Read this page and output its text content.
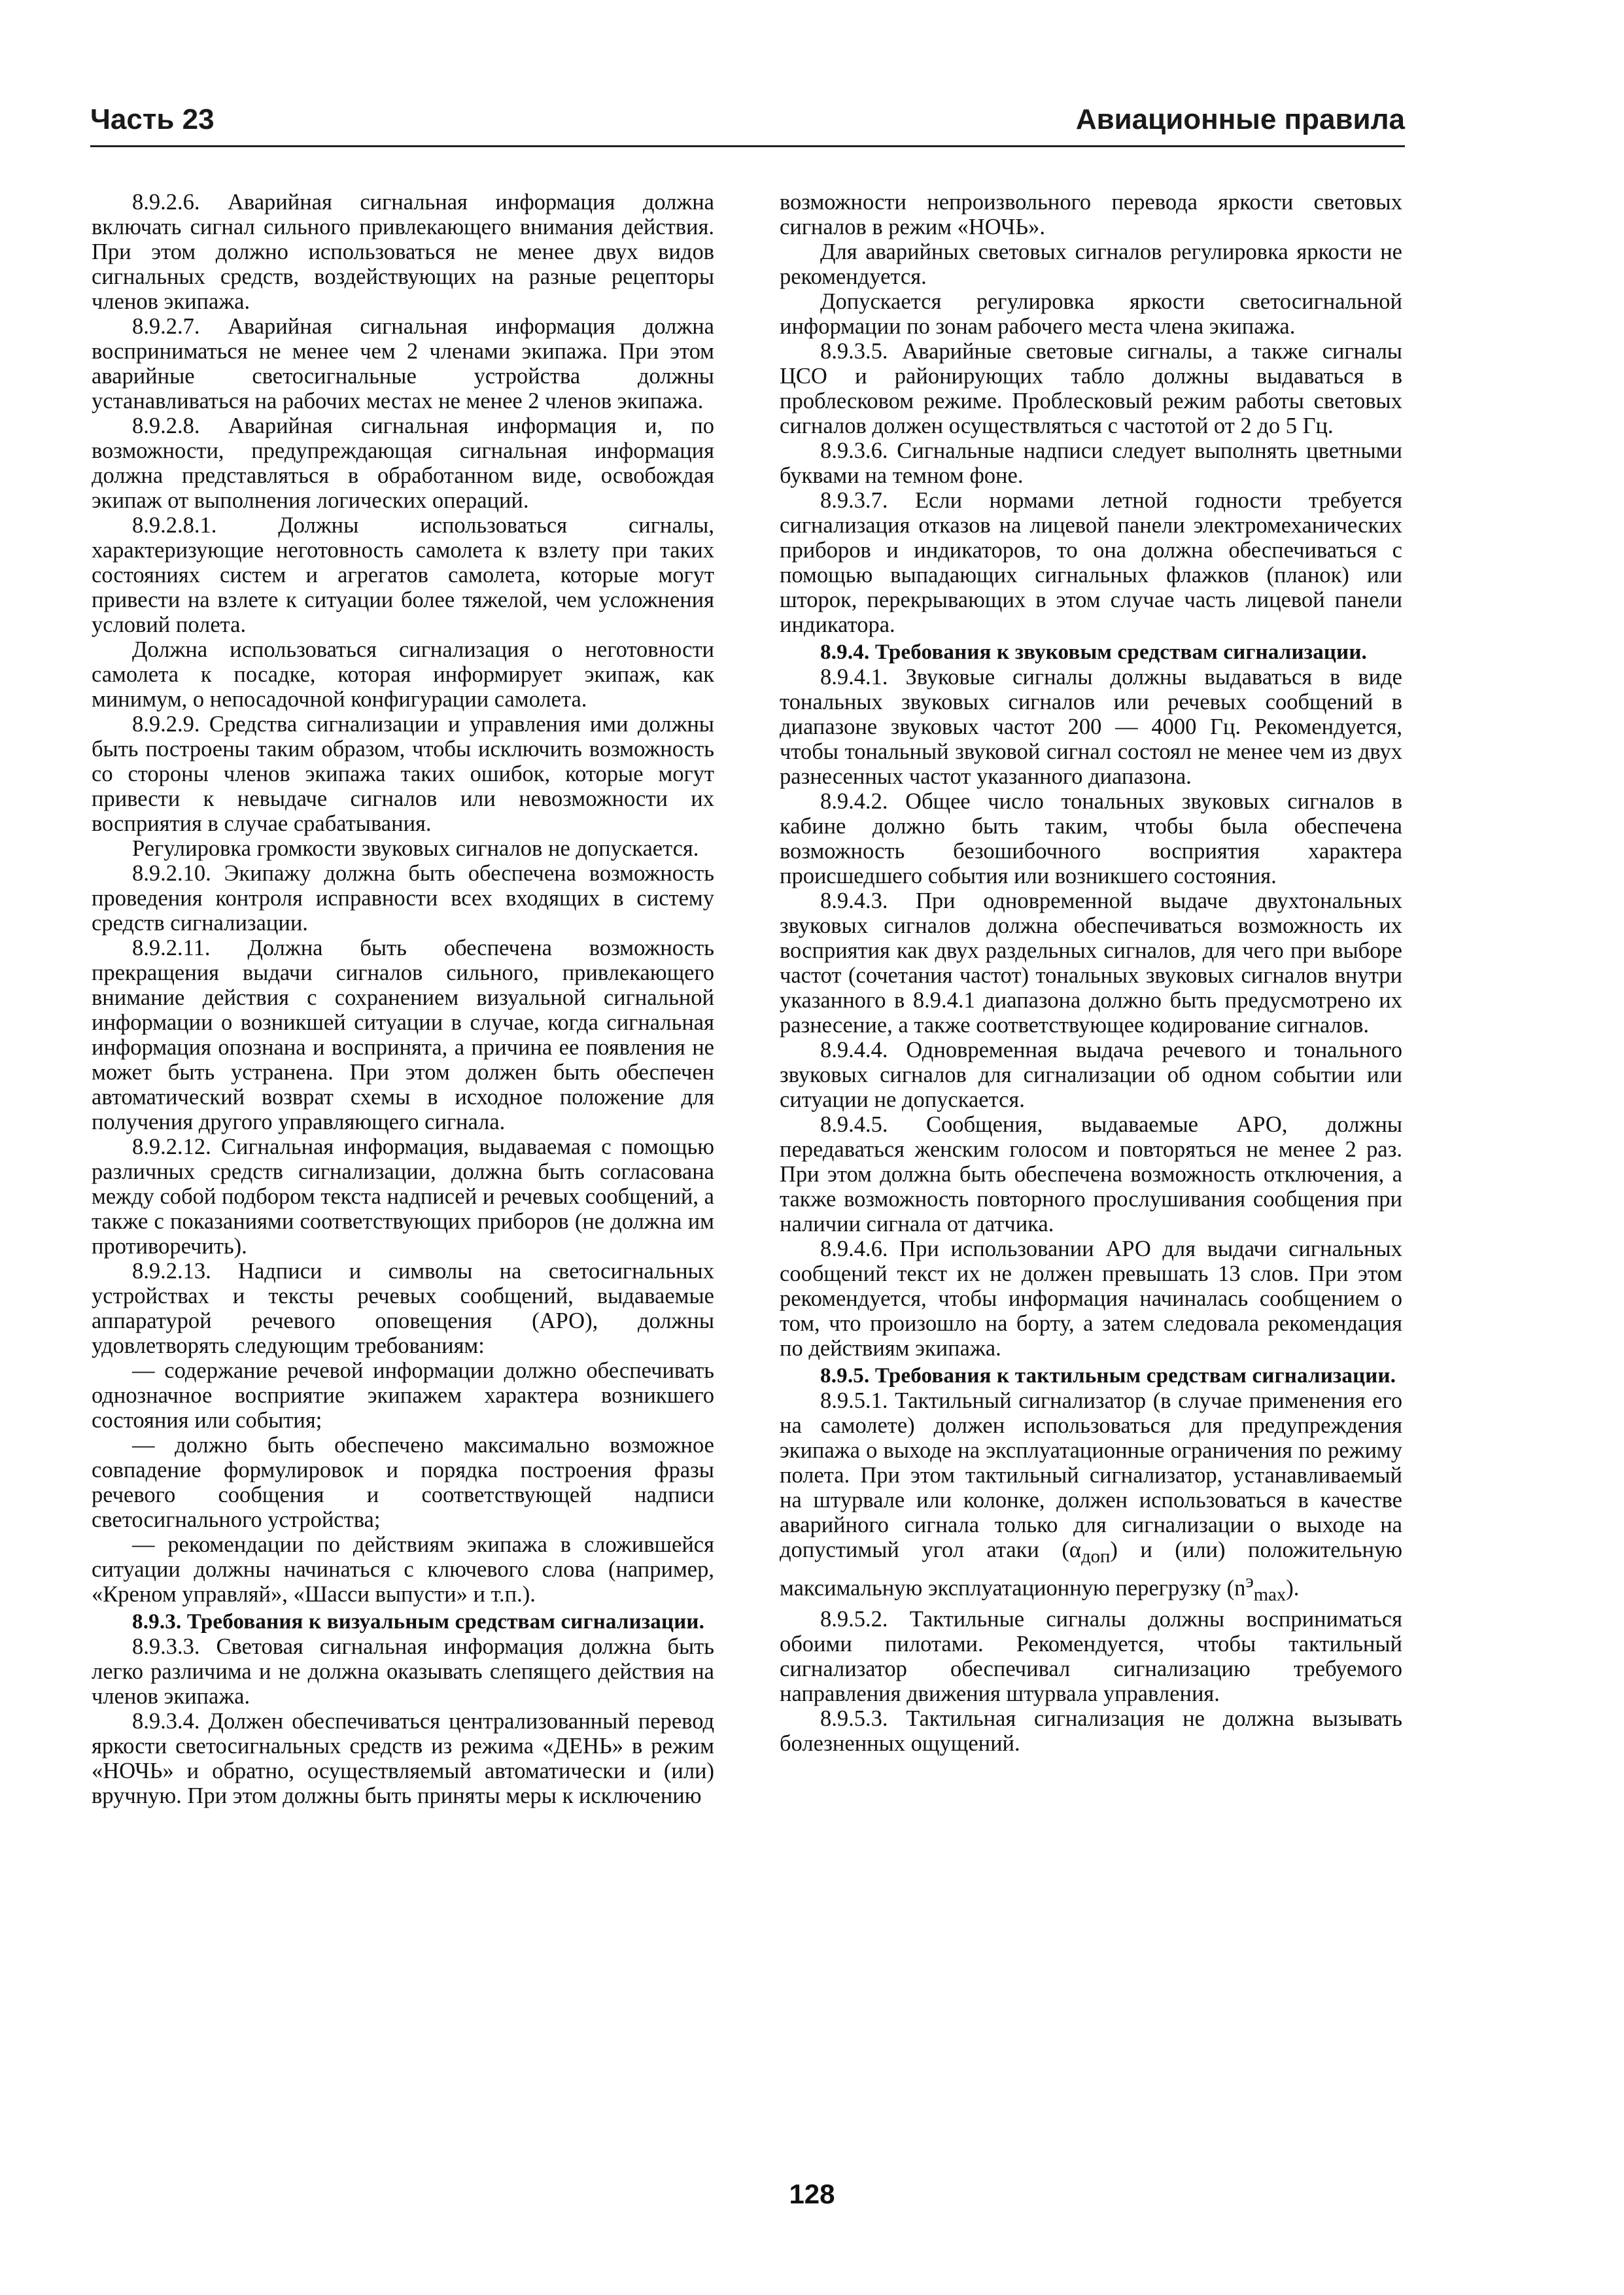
Часть 23	Авиационные правила

8.9.2.6. Аварийная сигнальная информация должна включать сигнал сильного привлекающего внимания действия. При этом должно использоваться не менее двух видов сигнальных средств, воздействующих на разные рецепторы членов экипажа.

8.9.2.7. Аварийная сигнальная информация должна восприниматься не менее чем 2 членами экипажа. При этом аварийные светосигнальные устройства должны устанавливаться на рабочих местах не менее 2 членов экипажа.

8.9.2.8. Аварийная сигнальная информация и, по возможности, предупреждающая сигнальная информация должна представляться в обработанном виде, освобождая экипаж от выполнения логических операций.

8.9.2.8.1. Должны использоваться сигналы, характеризующие неготовность самолета к взлету при таких состояниях систем и агрегатов самолета, которые могут привести на взлете к ситуации более тяжелой, чем усложнения условий полета.

Должна использоваться сигнализация о неготовности самолета к посадке, которая информирует экипаж, как минимум, о непосадочной конфигурации самолета.

8.9.2.9. Средства сигнализации и управления ими должны быть построены таким образом, чтобы исключить возможность со стороны членов экипажа таких ошибок, которые могут привести к невыдаче сигналов или невозможности их восприятия в случае срабатывания.

Регулировка громкости звуковых сигналов не допускается.

8.9.2.10. Экипажу должна быть обеспечена возможность проведения контроля исправности всех входящих в систему средств сигнализации.

8.9.2.11. Должна быть обеспечена возможность прекращения выдачи сигналов сильного, привлекающего внимание действия с сохранением визуальной сигнальной информации о возникшей ситуации в случае, когда сигнальная информация опознана и воспринята, а причина ее появления не может быть устранена. При этом должен быть обеспечен автоматический возврат схемы в исходное положение для получения другого управляющего сигнала.

8.9.2.12. Сигнальная информация, выдаваемая с помощью различных средств сигнализации, должна быть согласована между собой подбором текста надписей и речевых сообщений, а также с показаниями соответствующих приборов (не должна им противоречить).

8.9.2.13. Надписи и символы на светосигнальных устройствах и тексты речевых сообщений, выдаваемые аппаратурой речевого оповещения (АРО), должны удовлетворять следующим требованиям:

— содержание речевой информации должно обеспечивать однозначное восприятие экипажем характера возникшего состояния или события;

— должно быть обеспечено максимально возможное совпадение формулировок и порядка построения фразы речевого сообщения и соответствующей надписи светосигнального устройства;

— рекомендации по действиям экипажа в сложившейся ситуации должны начинаться с ключевого слова (например, «Креном управляй», «Шасси выпусти» и т.п.).

8.9.3. Требования к визуальным средствам сигнализации.

8.9.3.3. Световая сигнальная информация должна быть легко различима и не должна оказывать слепящего действия на членов экипажа.

8.9.3.4. Должен обеспечиваться централизованный перевод яркости светосигнальных средств из режима «ДЕНЬ» в режим «НОЧЬ» и обратно, осуществляемый автоматически и (или) вручную. При этом должны быть приняты меры к исключению

возможности непроизвольного перевода яркости световых сигналов в режим «НОЧЬ».

Для аварийных световых сигналов регулировка яркости не рекомендуется.

Допускается регулировка яркости светосигнальной информации по зонам рабочего места члена экипажа.

8.9.3.5. Аварийные световые сигналы, а также сигналы ЦСО и районирующих табло должны выдаваться в проблесковом режиме. Проблесковый режим работы световых сигналов должен осуществляться с частотой от 2 до 5 Гц.

8.9.3.6. Сигнальные надписи следует выполнять цветными буквами на темном фоне.

8.9.3.7. Если нормами летной годности требуется сигнализация отказов на лицевой панели электромеханических приборов и индикаторов, то она должна обеспечиваться с помощью выпадающих сигнальных флажков (планок) или шторок, перекрывающих в этом случае часть лицевой панели индикатора.

8.9.4. Требования к звуковым средствам сигнализации.

8.9.4.1. Звуковые сигналы должны выдаваться в виде тональных звуковых сигналов или речевых сообщений в диапазоне звуковых частот 200 — 4000 Гц. Рекомендуется, чтобы тональный звуковой сигнал состоял не менее чем из двух разнесенных частот указанного диапазона.

8.9.4.2. Общее число тональных звуковых сигналов в кабине должно быть таким, чтобы была обеспечена возможность безошибочного восприятия характера происшедшего события или возникшего состояния.

8.9.4.3. При одновременной выдаче двухтональных звуковых сигналов должна обеспечиваться возможность их восприятия как двух раздельных сигналов, для чего при выборе частот (сочетания частот) тональных звуковых сигналов внутри указанного в 8.9.4.1 диапазона должно быть предусмотрено их разнесение, а также соответствующее кодирование сигналов.

8.9.4.4. Одновременная выдача речевого и тонального звуковых сигналов для сигнализации об одном событии или ситуации не допускается.

8.9.4.5. Сообщения, выдаваемые АРО, должны передаваться женским голосом и повторяться не менее 2 раз. При этом должна быть обеспечена возможность отключения, а также возможность повторного прослушивания сообщения при наличии сигнала от датчика.

8.9.4.6. При использовании АРО для выдачи сигнальных сообщений текст их не должен превышать 13 слов. При этом рекомендуется, чтобы информация начиналась сообщением о том, что произошло на борту, а затем следовала рекомендация по действиям экипажа.

8.9.5. Требования к тактильным средствам сигнализации.

8.9.5.1. Тактильный сигнализатор (в случае применения его на самолете) должен использоваться для предупреждения экипажа о выходе на эксплуатационные ограничения по режиму полета. При этом тактильный сигнализатор, устанавливаемый на штурвале или колонке, должен использоваться в качестве аварийного сигнала только для сигнализации о выходе на допустимый угол атаки $(\alpha_{доп})$ и (или) положительную максимальную эксплуатационную перегрузку $(n^э_{max})$.

8.9.5.2. Тактильные сигналы должны восприниматься обоими пилотами. Рекомендуется, чтобы тактильный сигнализатор обеспечивал сигнализацию требуемого направления движения штурвала управления.

8.9.5.3. Тактильная сигнализация не должна вызывать болезненных ощущений.

128
